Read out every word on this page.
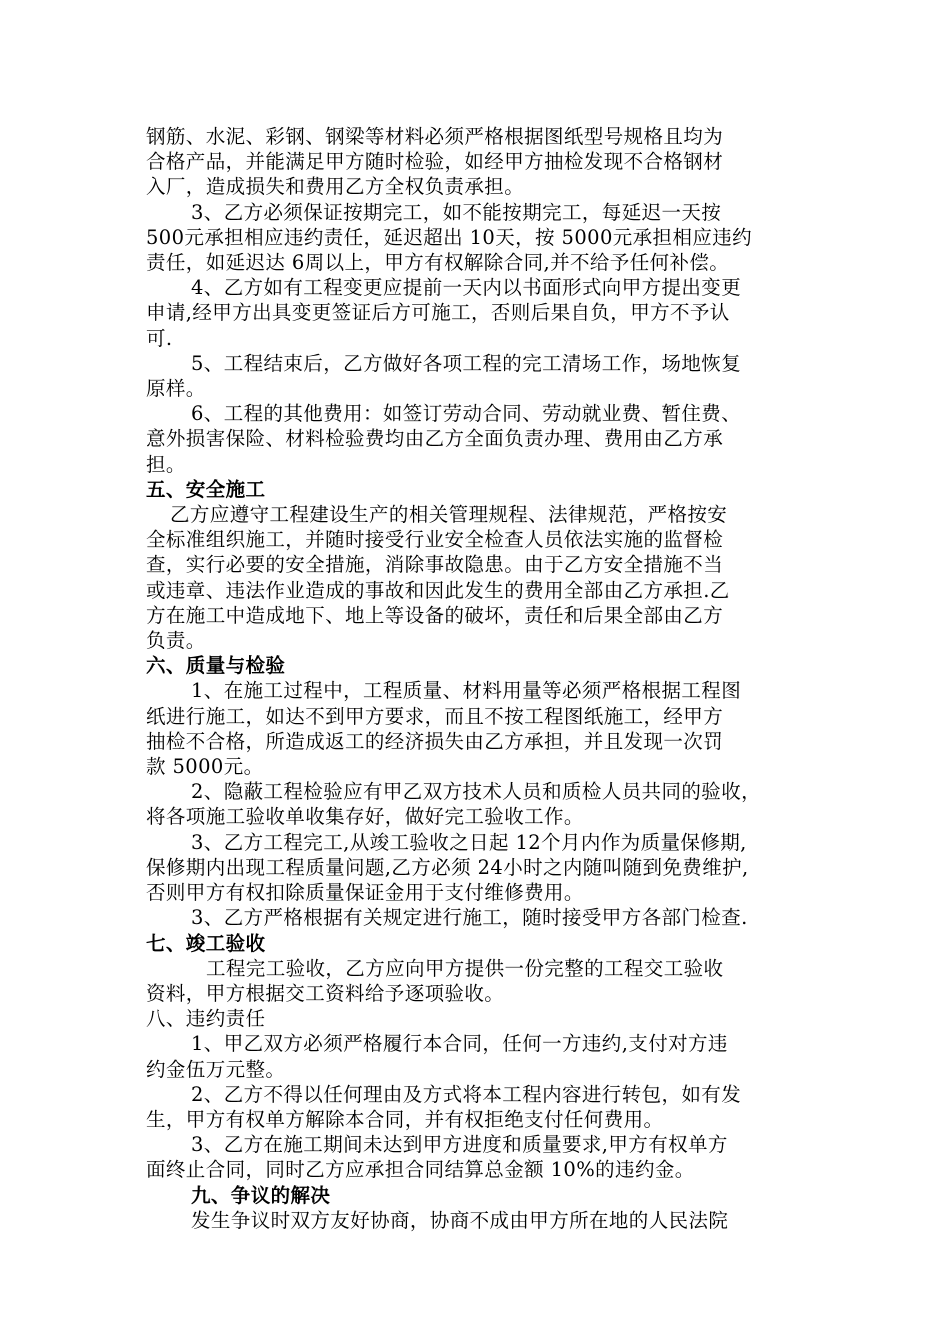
钢筋、水泥、彩钢、钢梁等材料必须严格根据图纸型号规格且均为

合格产品，并能满足甲方随时检验，如经甲方抽检发现不合格钢材

入厂，造成损失和费用乙方全权负责承担。

3、乙方必须保证按期完工，如不能按期完工，每延迟一天按

500元承担相应违约责任，延迟超出 10天，按 5000元承担相应违约

责任，如延迟达 6周以上，甲方有权解除合同,并不给予任何补偿。

4、乙方如有工程变更应提前一天内以书面形式向甲方提出变更

申请,经甲方出具变更签证后方可施工，否则后果自负，甲方不予认

可.

5、工程结束后，乙方做好各项工程的完工清场工作，场地恢复

原样。

6、工程的其他费用：如签订劳动合同、劳动就业费、暂住费、

意外损害保险、材料检验费均由乙方全面负责办理、费用由乙方承

担。

五、安全施工

乙方应遵守工程建设生产的相关管理规程、法律规范，严格按安

全标准组织施工，并随时接受行业安全检查人员依法实施的监督检

查，实行必要的安全措施，消除事故隐患。由于乙方安全措施不当

或违章、违法作业造成的事故和因此发生的费用全部由乙方承担.乙

方在施工中造成地下、地上等设备的破坏，责任和后果全部由乙方

负责。

六、质量与检验

1、在施工过程中，工程质量、材料用量等必须严格根据工程图

纸进行施工，如达不到甲方要求，而且不按工程图纸施工，经甲方

抽检不合格，所造成返工的经济损失由乙方承担，并且发现一次罚

款 5000元。

2、隐蔽工程检验应有甲乙双方技术人员和质检人员共同的验收，

将各项施工验收单收集存好，做好完工验收工作。

3、乙方工程完工,从竣工验收之日起 12个月内作为质量保修期,

保修期内出现工程质量问题,乙方必须 24小时之内随叫随到免费维护,

否则甲方有权扣除质量保证金用于支付维修费用。

3、乙方严格根据有关规定进行施工，随时接受甲方各部门检查.

七、竣工验收

工程完工验收，乙方应向甲方提供一份完整的工程交工验收

资料，甲方根据交工资料给予逐项验收。

八、违约责任

1、甲乙双方必须严格履行本合同，任何一方违约,支付对方违

约金伍万元整。

2、乙方不得以任何理由及方式将本工程内容进行转包，如有发

生，甲方有权单方解除本合同，并有权拒绝支付任何费用。

3、乙方在施工期间未达到甲方进度和质量要求,甲方有权单方

面终止合同，同时乙方应承担合同结算总金额 10%的违约金。

九、争议的解决

发生争议时双方友好协商，协商不成由甲方所在地的人民法院
